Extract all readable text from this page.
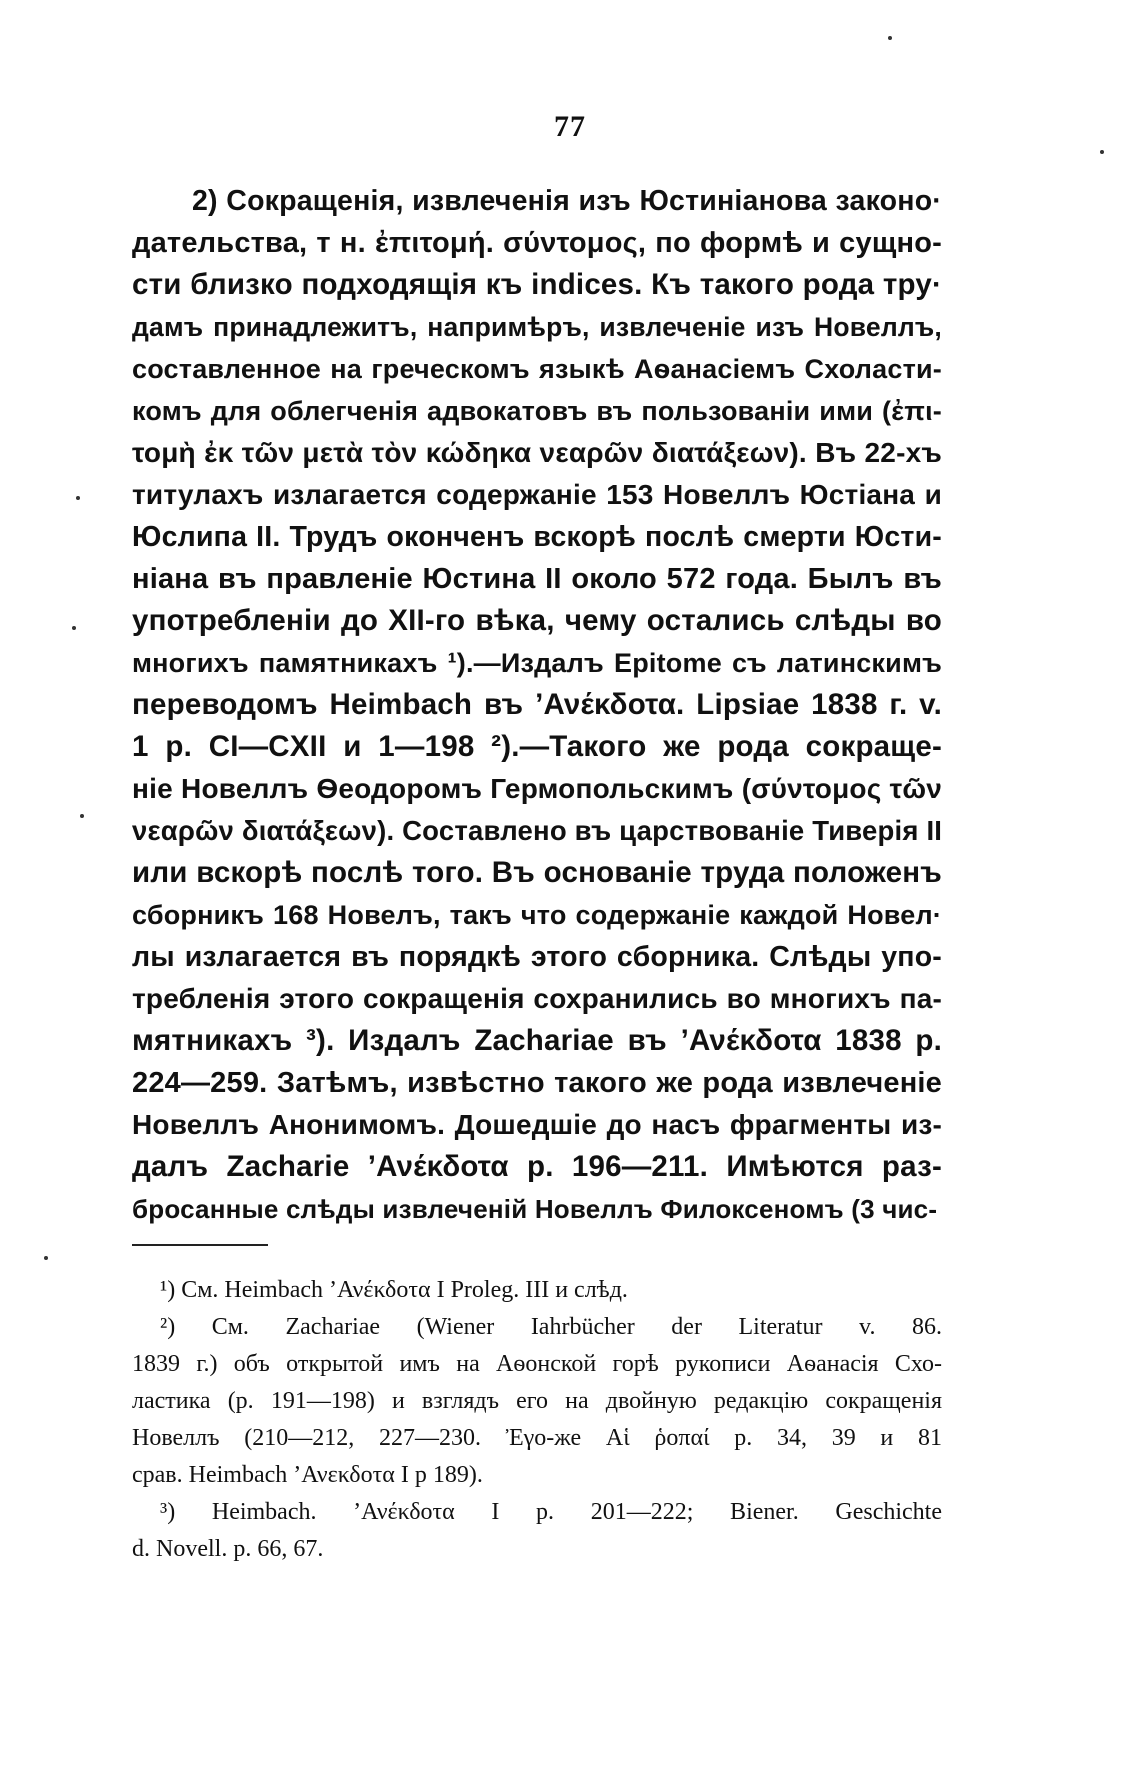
77
2) Сокращенія, извлеченія изъ Юстиніанова законо·
дательства, т н. ἐπιτομή. σύντομος, по формѣ и сущно-
сти близко подходящія къ indices. Къ такого рода тру·
дамъ принадлежитъ, напримѣръ, извлеченіе изъ Новеллъ,
составленное на греческомъ языкѣ Аѳанасіемъ Схоласти-
комъ для облегченія адвокатовъ въ пользованіи ими (ἐπι-
τομὴ ἐκ τῶν μετὰ τὸν κώδηκα νεαρῶν διατάξεων). Въ 22-хъ
титулахъ излагается содержаніе 153 Новеллъ Юстіана и
Юслипа II. Трудъ оконченъ вскорѣ послѣ смерти Юсти-
ніана въ правленіе Юстина II около 572 года. Былъ въ
употребленіи до XII-го вѣка, чему остались слѣды во
многихъ памятникахъ ¹).—Издалъ Epitome съ латинскимъ
переводомъ Heimbach въ ’Ανέκδοτα. Lipsiae 1838 г. v.
1 р. CI—CXII и 1—198 ²).—Такого же рода сокраще-
ніе Новеллъ Ѳеодоромъ Гермопольскимъ (σύντομος τῶν
νεαρῶν διατάξεων). Составлено въ царствованіе Тиверія II
или вскорѣ послѣ того. Въ основаніе труда положенъ
сборникъ 168 Новелъ, такъ что содержаніе каждой Новел·
лы излагается въ порядкѣ этого сборника. Слѣды упо-
требленія этого сокращенія сохранились во многихъ па-
мятникахъ ³). Издалъ Zachariae въ ’Ανέκδοτα 1838 р.
224—259. Затѣмъ, извѣстно такого же рода извлеченіе
Новеллъ Анонимомъ. Дошедшіе до насъ фрагменты из-
далъ Zacharie ’Ανέκδοτα р. 196—211. Имѣются раз-
бросанные слѣды извлеченій Новеллъ Филоксеномъ (3 чис-
¹) См. Heimbach ’Ανέκδοτα I Proleg. III и слѣд.
²) См. Zachariae (Wiener Iahrbücher der Literatur v. 86.
1839 г.) объ открытой имъ на Аѳонской горѣ рукописи Аѳанасія Схо-
ластика (р. 191—198) и взглядъ его на двойную редакцію сокращенія
Новеллъ (210—212, 227—230. Ἐγο-же Αἱ ῥοπαί р. 34, 39 и 81
срав. Heimbach ’Ανεκδοτα I р 189).
³) Heimbach. ’Ανέκδοτα I р. 201—222; Biener. Geschichte
d. Novell. р. 66, 67.
